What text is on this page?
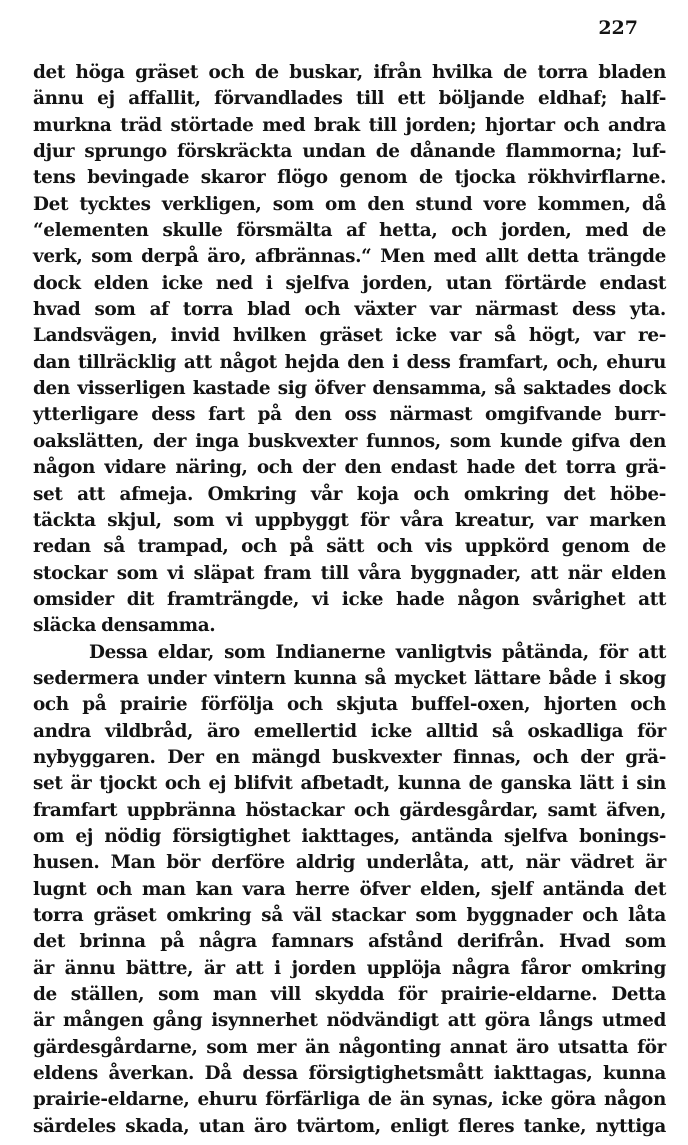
227
det höga gräset och de buskar, ifrån hvilka de torra bladen
ännu ej affallit, förvandlades till ett böljande eldhaf; half-
murkna träd störtade med brak till jorden; hjortar och andra
djur sprungo förskräckta undan de dånande flammorna; luf-
tens bevingade skaror flögo genom de tjocka rökhvirflarne.
Det tycktes verkligen, som om den stund vore kommen, då
“elementen skulle försmälta af hetta, och jorden, med de
verk, som derpå äro, afbrännas.“ Men med allt detta trängde
dock elden icke ned i sjelfva jorden, utan förtärde endast
hvad som af torra blad och växter var närmast dess yta.
Landsvägen, invid hvilken gräset icke var så högt, var re-
dan tillräcklig att något hejda den i dess framfart, och, ehuru
den visserligen kastade sig öfver densamma, så saktades dock
ytterligare dess fart på den oss närmast omgifvande burr-
oakslätten, der inga buskvexter funnos, som kunde gifva den
någon vidare näring, och der den endast hade det torra grä-
set att afmeja. Omkring vår koja och omkring det höbe-
täckta skjul, som vi uppbyggt för våra kreatur, var marken
redan så trampad, och på sätt och vis uppkörd genom de
stockar som vi släpat fram till våra byggnader, att när elden
omsider dit framträngde, vi icke hade någon svårighet att
släcka densamma.
Dessa eldar, som Indianerne vanligtvis påtända, för att
sedermera under vintern kunna så mycket lättare både i skog
och på prairie förfölja och skjuta buffel-oxen, hjorten och
andra vildbråd, äro emellertid icke alltid så oskadliga för
nybyggaren. Der en mängd buskvexter finnas, och der grä-
set är tjockt och ej blifvit afbetadt, kunna de ganska lätt i sin
framfart uppbränna höstackar och gärdesgårdar, samt äfven,
om ej nödig försigtighet iakttages, antända sjelfva bonings-
husen. Man bör derföre aldrig underlåta, att, när vädret är
lugnt och man kan vara herre öfver elden, sjelf antända det
torra gräset omkring så väl stackar som byggnader och låta
det brinna på några famnars afstånd derifrån. Hvad som
är ännu bättre, är att i jorden upplöja några fåror omkring
de ställen, som man vill skydda för prairie-eldarne. Detta
är mången gång isynnerhet nödvändigt att göra långs utmed
gärdesgårdarne, som mer än någonting annat äro utsatta för
eldens åverkan. Då dessa försigtighetsmått iakttagas, kunna
prairie-eldarne, ehuru förfärliga de än synas, icke göra någon
särdeles skada, utan äro tvärtom, enligt fleres tanke, nyttiga
